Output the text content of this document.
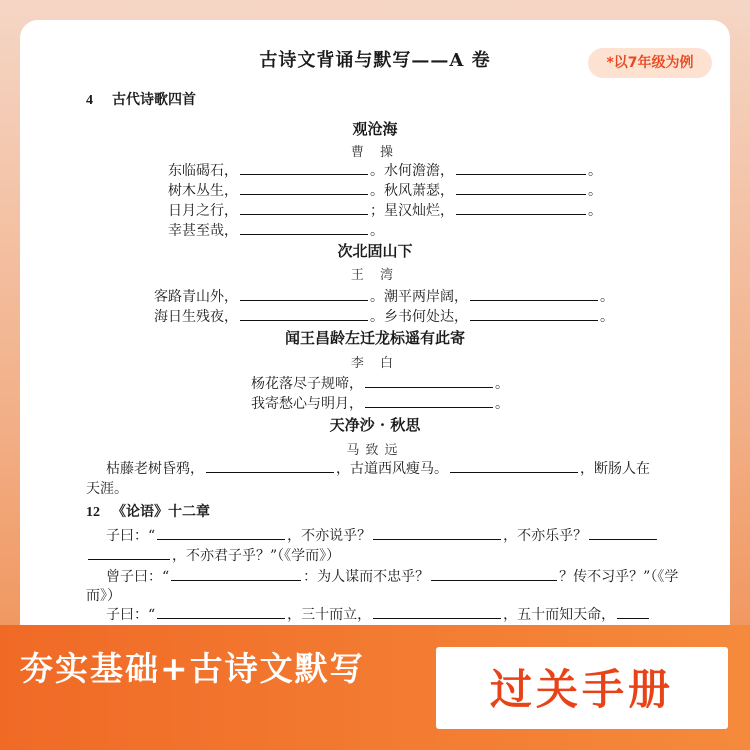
古诗文背诵与默写——A 卷	*以7年级为例
4 古代诗歌四首
观沧海
曹 操
东临碣石，	。水何澹澹，	。
树木丛生，	。秋风萧瑟，	。
日月之行，	；星汉灿烂，	。
幸甚至哉，	。
次北固山下
王 湾
客路青山外，	。潮平两岸阔，	。
海日生残夜，	。乡书何处达，	。
闻王昌龄左迁龙标遥有此寄
李 白
杨花落尽子规啼，	。
我寄愁心与明月，	。
天净沙 · 秋思
马致远
枯藤老树昏鸦，	，古道西风瘦马。	，断肠人在
天涯。
12 《论语》十二章
子曰：“	，不亦说乎？	，不亦乐乎？
，不亦君子乎？”（《学而》）
曾子曰：“	：为人谋而不忠乎？	？传不习乎？”（《学
而》）
子曰：“	，三十而立，	，五十而知天命，
夯实基础+古诗文默写	过关手册
